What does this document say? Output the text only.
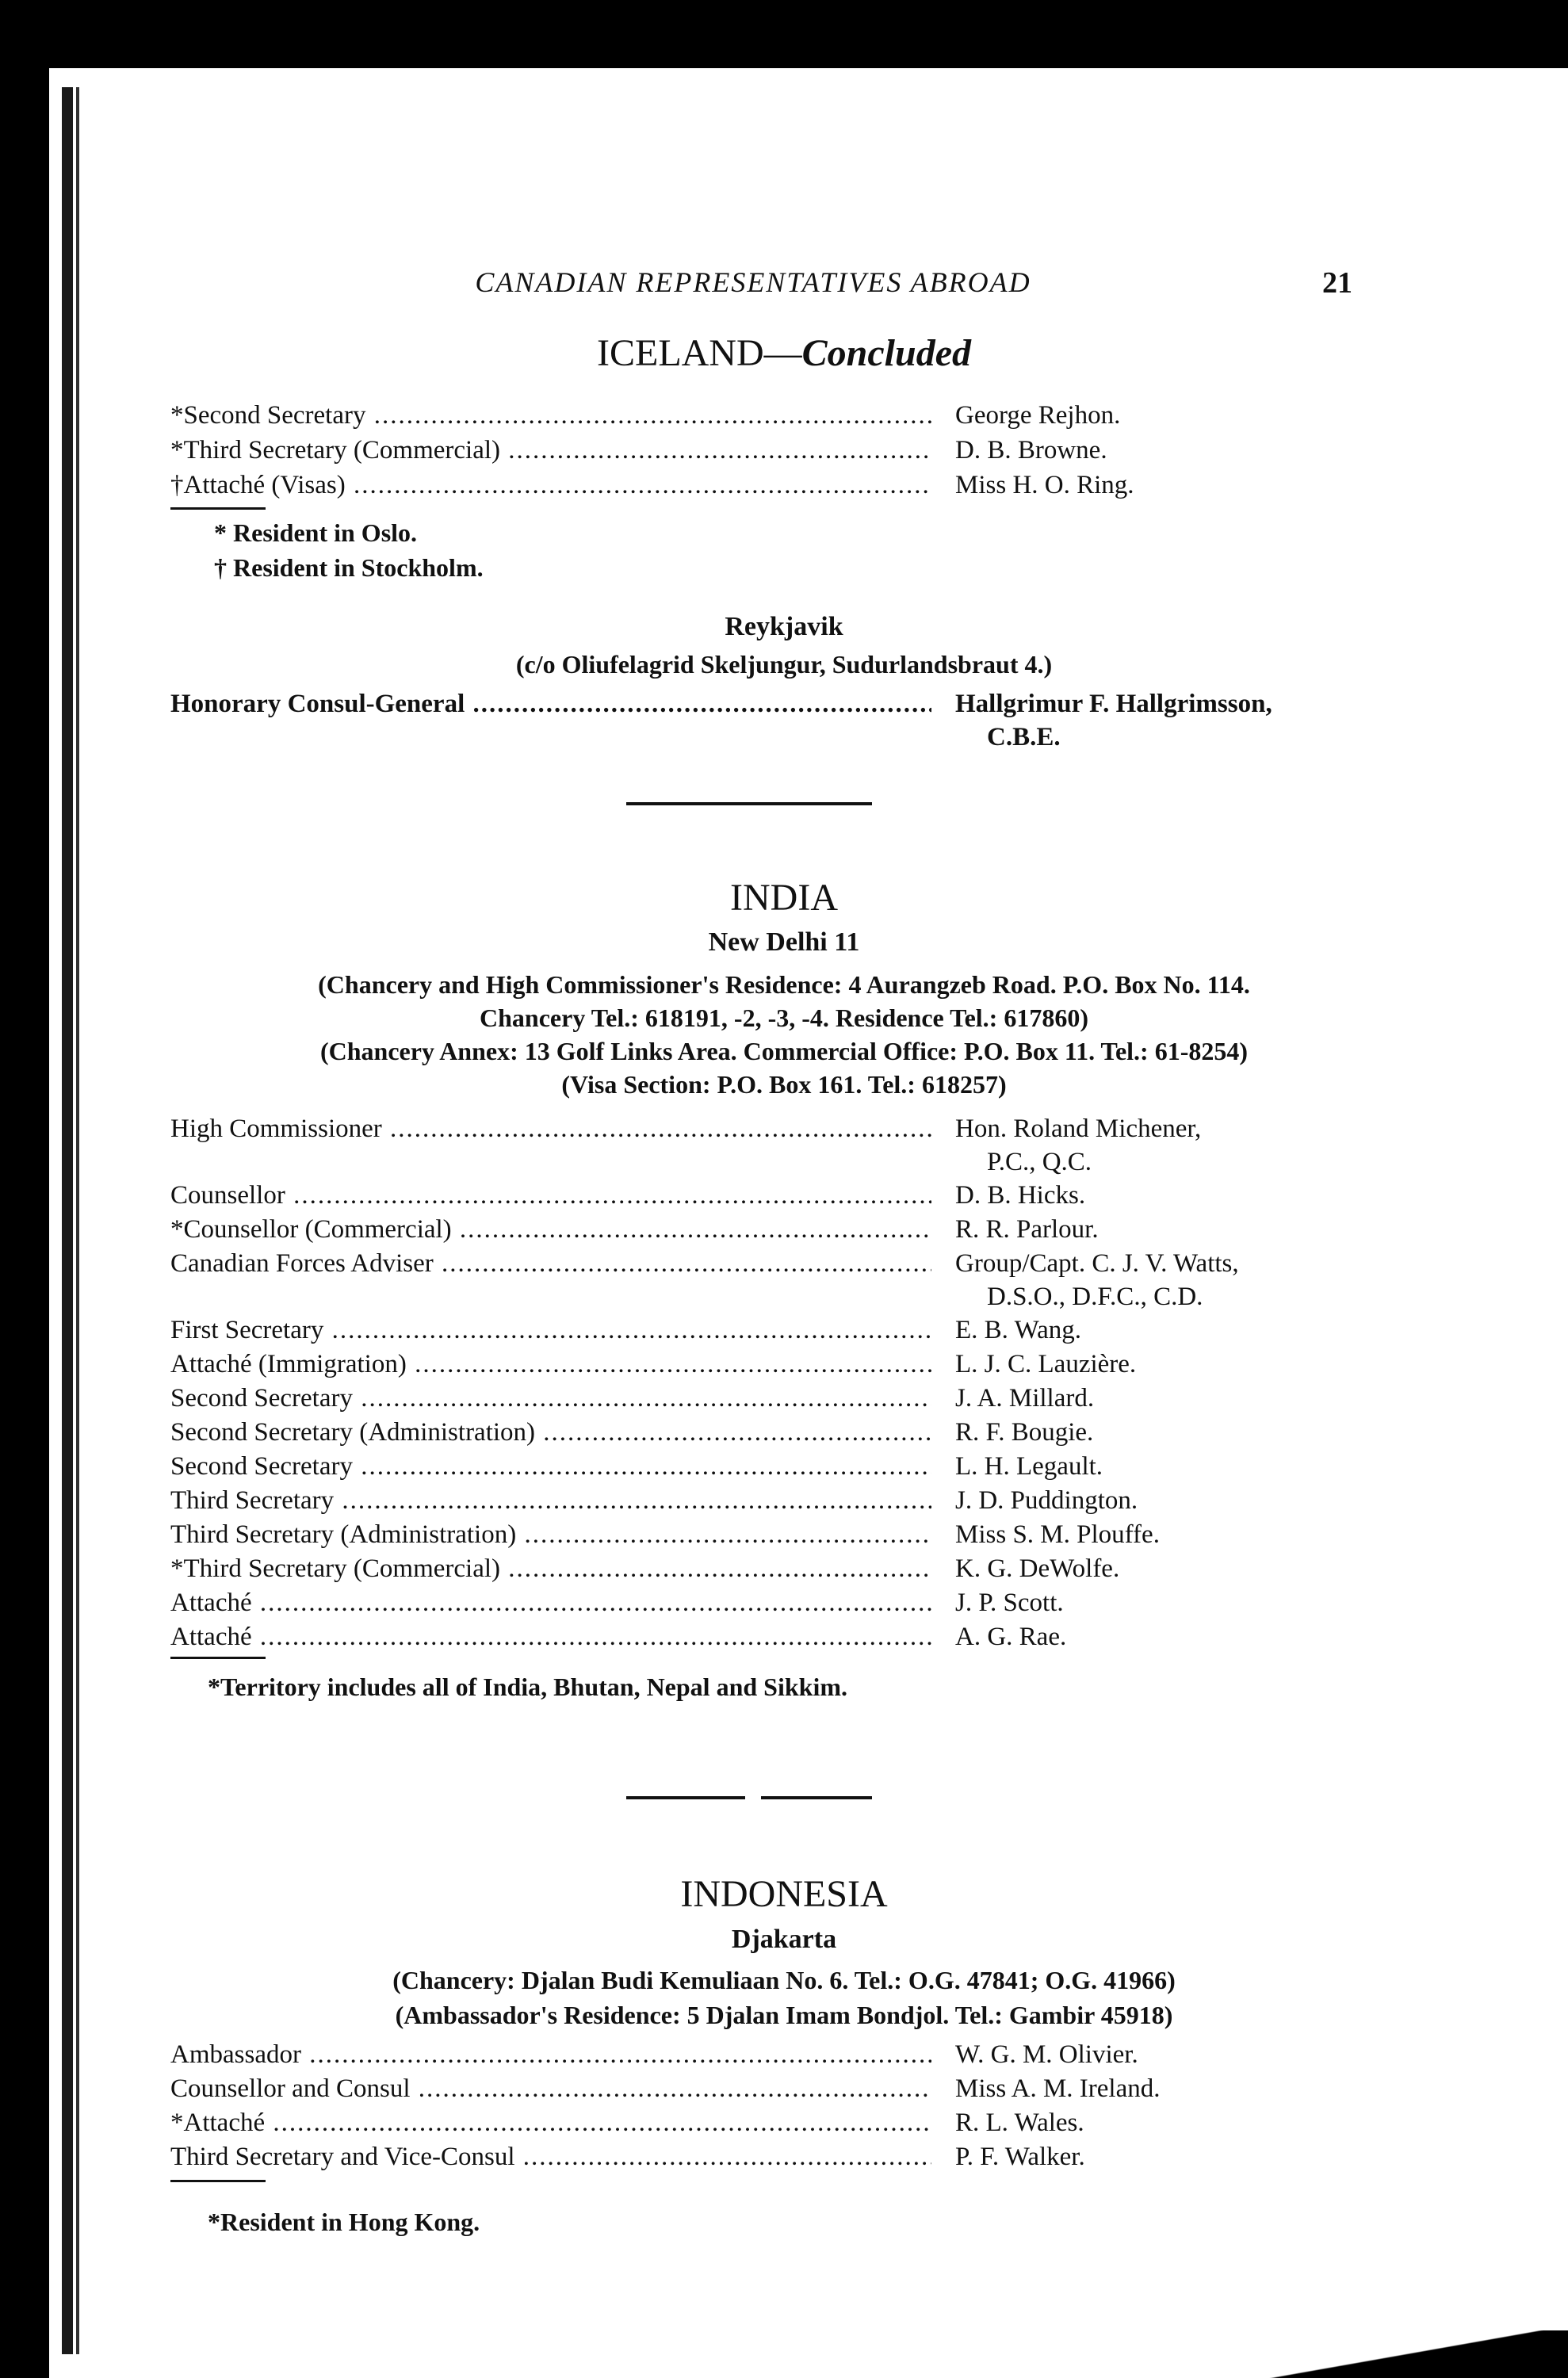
CANADIAN REPRESENTATIVES ABROAD	21
ICELAND—Concluded
*Second Secretary .....	George Rejhon.
*Third Secretary (Commercial) .....	D. B. Browne.
†Attaché (Visas) .....	Miss H. O. Ring.
* Resident in Oslo.
† Resident in Stockholm.
Reykjavik
(c/o Oliufelagrid Skeljungur, Sudurlandsbraut 4.)
Honorary Consul-General .....	Hallgrimur F. Hallgrimsson,
C.B.E.
INDIA
New Delhi 11
(Chancery and High Commissioner's Residence: 4 Aurangzeb Road. P.O. Box No. 114.
Chancery Tel.: 618191, -2, -3, -4. Residence Tel.: 617860)
(Chancery Annex: 13 Golf Links Area. Commercial Office: P.O. Box 11. Tel.: 61-8254)
(Visa Section: P.O. Box 161. Tel.: 618257)
High Commissioner .....	Hon. Roland Michener,
P.C., Q.C.
Counsellor .....	D. B. Hicks.
*Counsellor (Commercial) .....	R. R. Parlour.
Canadian Forces Adviser .....	Group/Capt. C. J. V. Watts,
D.S.O., D.F.C., C.D.
First Secretary .....	E. B. Wang.
Attaché (Immigration) .....	L. J. C. Lauzière.
Second Secretary .....	J. A. Millard.
Second Secretary (Administration) .....	R. F. Bougie.
Second Secretary .....	L. H. Legault.
Third Secretary .....	J. D. Puddington.
Third Secretary (Administration) .....	Miss S. M. Plouffe.
*Third Secretary (Commercial) .....	K. G. DeWolfe.
Attaché .....	J. P. Scott.
Attaché .....	A. G. Rae.
*Territory includes all of India, Bhutan, Nepal and Sikkim.
INDONESIA
Djakarta
(Chancery: Djalan Budi Kemuliaan No. 6. Tel.: O.G. 47841; O.G. 41966)
(Ambassador's Residence: 5 Djalan Imam Bondjol. Tel.: Gambir 45918)
Ambassador .....	W. G. M. Olivier.
Counsellor and Consul .....	Miss A. M. Ireland.
*Attaché .....	R. L. Wales.
Third Secretary and Vice-Consul .....	P. F. Walker.
*Resident in Hong Kong.
